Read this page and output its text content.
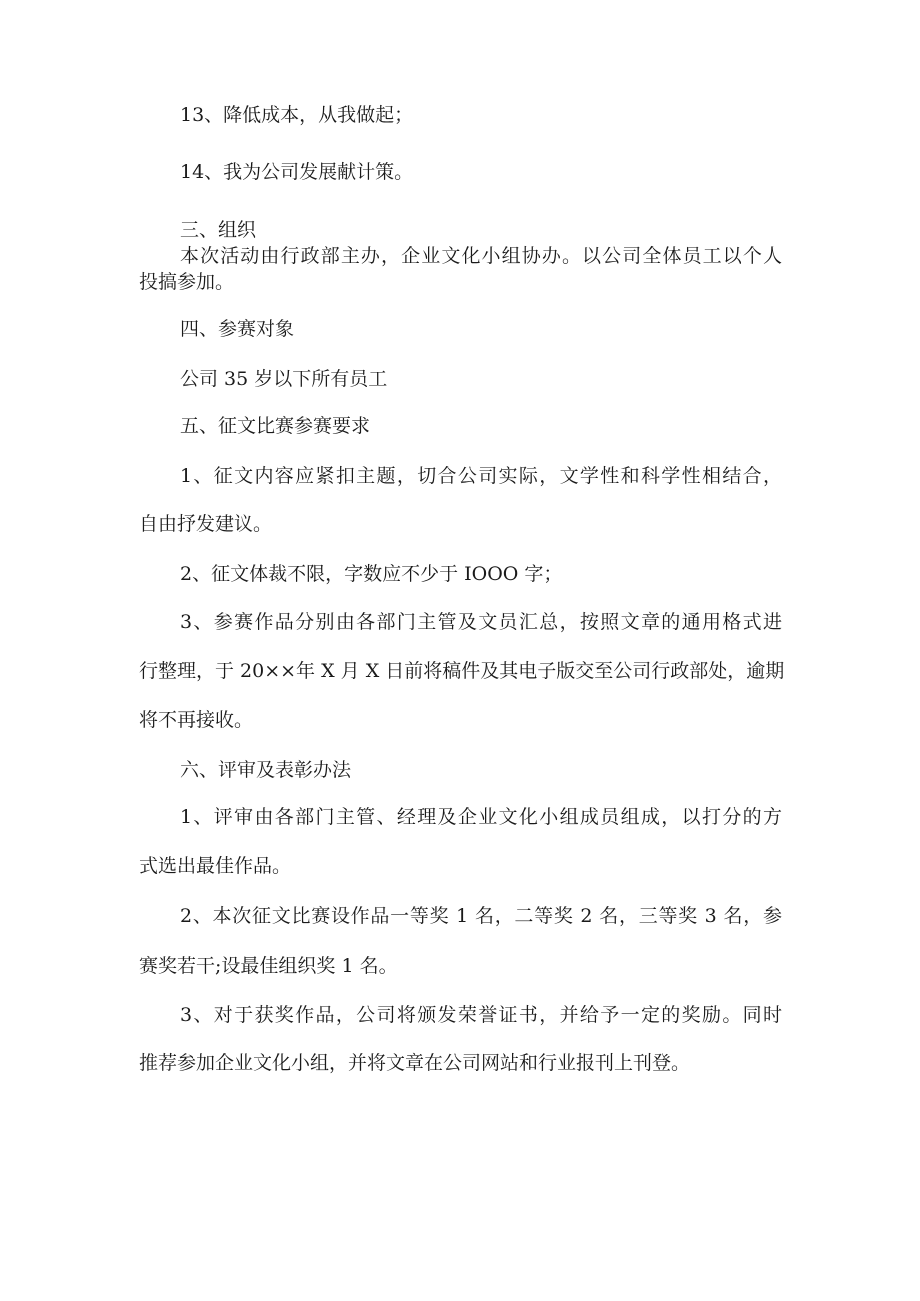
13、降低成本，从我做起；

14、我为公司发展献计策。

三、组织

本次活动由行政部主办，企业文化小组协办。以公司全体员工以个人

投搞参加。

四、参赛对象

公司 35 岁以下所有员工

五、征文比赛参赛要求

1、征文内容应紧扣主题，切合公司实际，文学性和科学性相结合，

自由抒发建议。

2、征文体裁不限，字数应不少于 IOOO 字；

3、参赛作品分别由各部门主管及文员汇总，按照文章的通用格式进

行整理，于 20××年 X 月 X 日前将稿件及其电子版交至公司行政部处，逾期

将不再接收。

六、评审及表彰办法

1、评审由各部门主管、经理及企业文化小组成员组成，以打分的方

式选出最佳作品。

2、本次征文比赛设作品一等奖 1 名，二等奖 2 名，三等奖 3 名，参

赛奖若干;设最佳组织奖 1 名。

3、对于获奖作品，公司将颁发荣誉证书，并给予一定的奖励。同时

推荐参加企业文化小组，并将文章在公司网站和行业报刊上刊登。
